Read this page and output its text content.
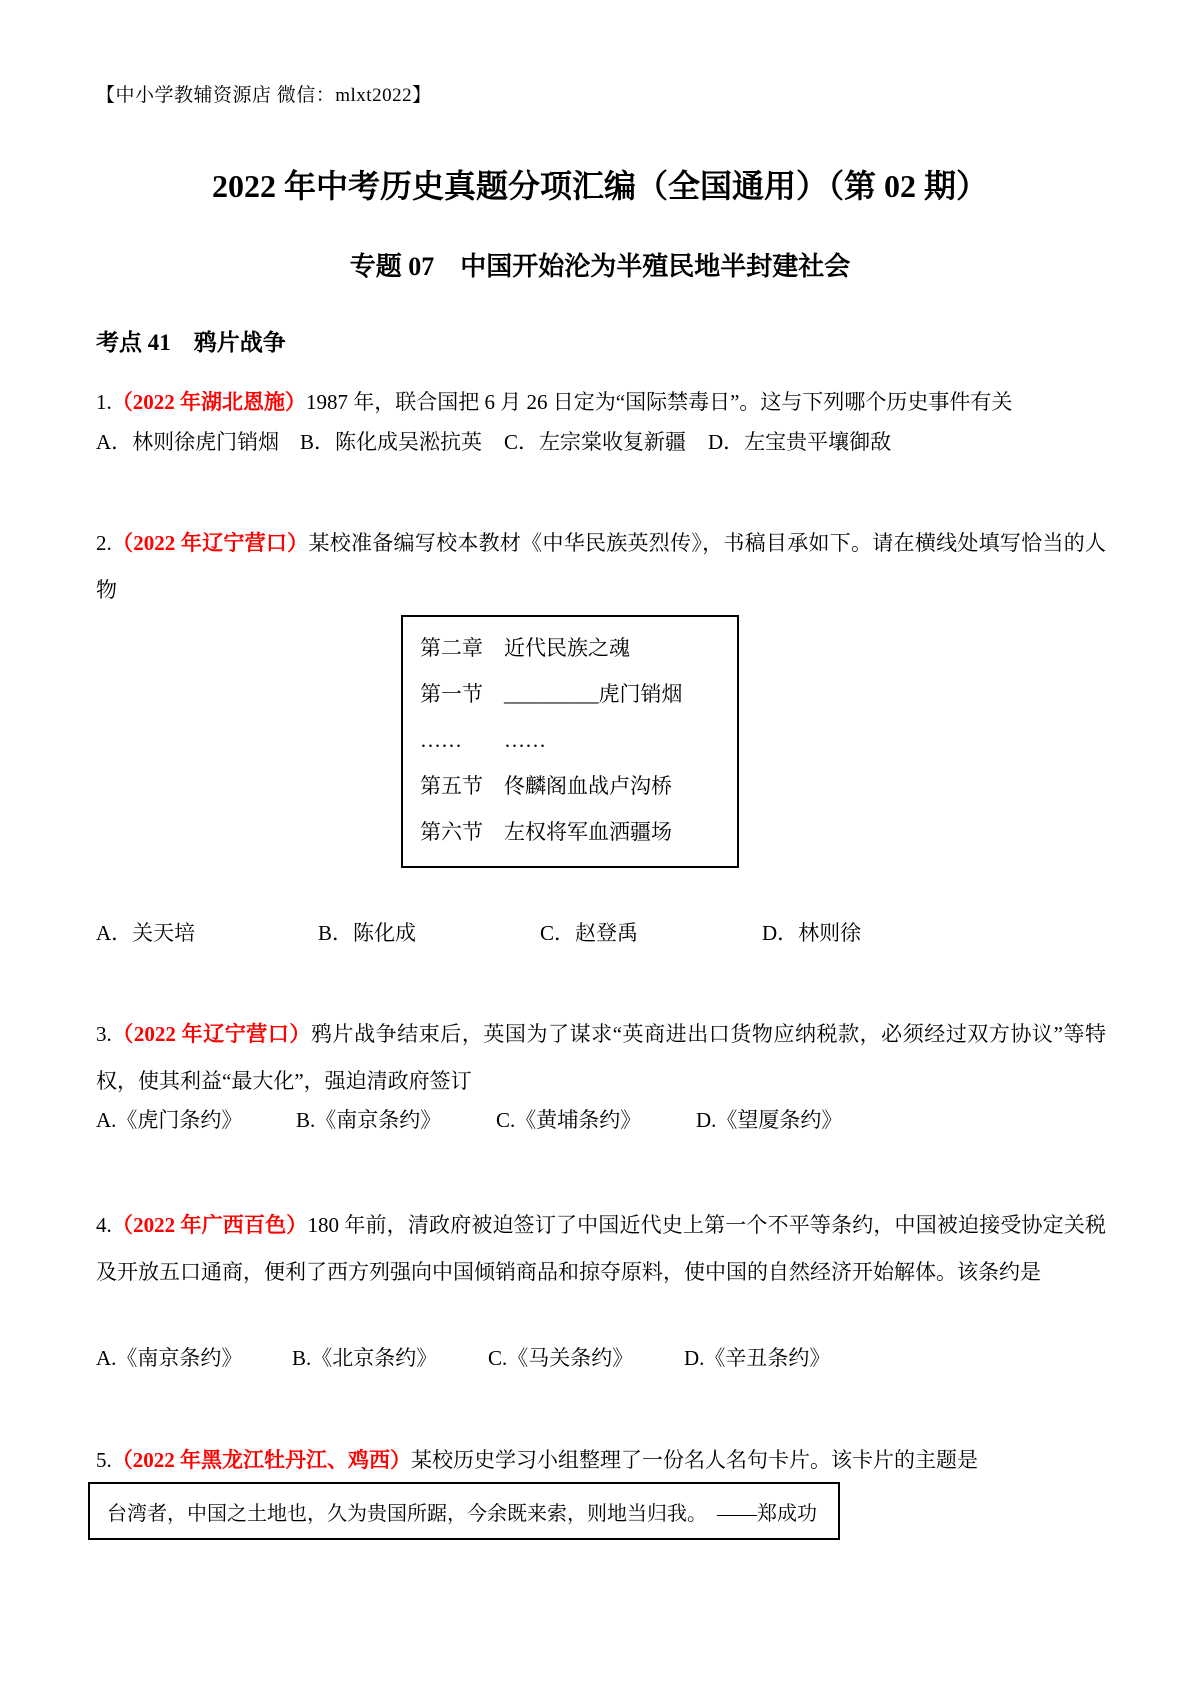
【中小学教辅资源店 微信：mlxt2022】
2022 年中考历史真题分项汇编（全国通用）（第 02 期）
专题 07　中国开始沦为半殖民地半封建社会
考点 41　鸦片战争

1.（2022 年湖北恩施）1987 年，联合国把 6 月 26 日定为“国际禁毒日”。这与下列哪个历史事件有关

A．林则徐虎门销烟 B．陈化成吴淞抗英 C．左宗棠收复新疆 D．左宝贵平壤御敌

2.（2022 年辽宁营口）某校准备编写校本教材《中华民族英烈传》，书稿目承如下。请在横线处填写恰当的人物

第二章　近代民族之魂
第一节　_________虎门销烟
……　　……
第五节　佟麟阁血战卢沟桥
第六节　左权将军血洒疆场

A．关天培	B．陈化成	C．赵登禹	D．林则徐

3.（2022 年辽宁营口）鸦片战争结束后，英国为了谋求“英商进出口货物应纳税款，必须经过双方协议”等特权，使其利益“最大化”，强迫清政府签订

A.《虎门条约》	B.《南京条约》	C.《黄埔条约》	D.《望厦条约》

4.（2022 年广西百色）180 年前，清政府被迫签订了中国近代史上第一个不平等条约，中国被迫接受协定关税及开放五口通商，便利了西方列强向中国倾销商品和掠夺原料，使中国的自然经济开始解体。该条约是

A.《南京条约》 B.《北京条约》 C.《马关条约》 D.《辛丑条约》

5.（2022 年黑龙江牡丹江、鸡西）某校历史学习小组整理了一份名人名句卡片。该卡片的主题是

台湾者，中国之土地也，久为贵国所踞，今余既来索，则地当归我。　——郑成功
